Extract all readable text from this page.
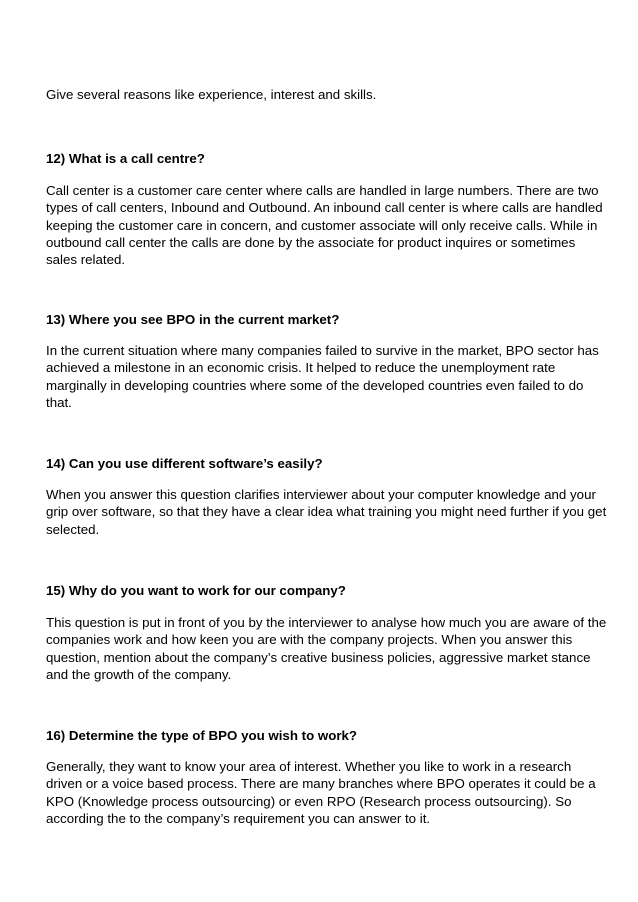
Give several reasons like experience, interest and skills.
12) What is a call centre?
Call center is a customer care center where calls are handled in large numbers. There are two
types of call centers, Inbound and Outbound. An inbound call center is where calls are handled
keeping the customer care in concern, and customer associate will only receive calls. While in
outbound call center the calls are done by the associate for product inquires or sometimes
sales related.
13) Where you see BPO in the current market?
In the current situation where many companies failed to survive in the market, BPO sector has
achieved a milestone in an economic crisis. It helped to reduce the unemployment rate
marginally in developing countries where some of the developed countries even failed to do
that.
14) Can you use different software’s easily?
When you answer this question clarifies interviewer about your computer knowledge and your
grip over software, so that they have a clear idea what training you might need further if you get
selected.
15) Why do you want to work for our company?
This question is put in front of you by the interviewer to analyse how much you are aware of the
companies work and how keen you are with the company projects. When you answer this
question, mention about the company’s creative business policies, aggressive market stance
and the growth of the company.
16) Determine the type of BPO you wish to work?
Generally, they want to know your area of interest. Whether you like to work in a research
driven or a voice based process. There are many branches where BPO operates it could be a
KPO (Knowledge process outsourcing) or even RPO (Research process outsourcing). So
according the to the company’s requirement you can answer to it.
